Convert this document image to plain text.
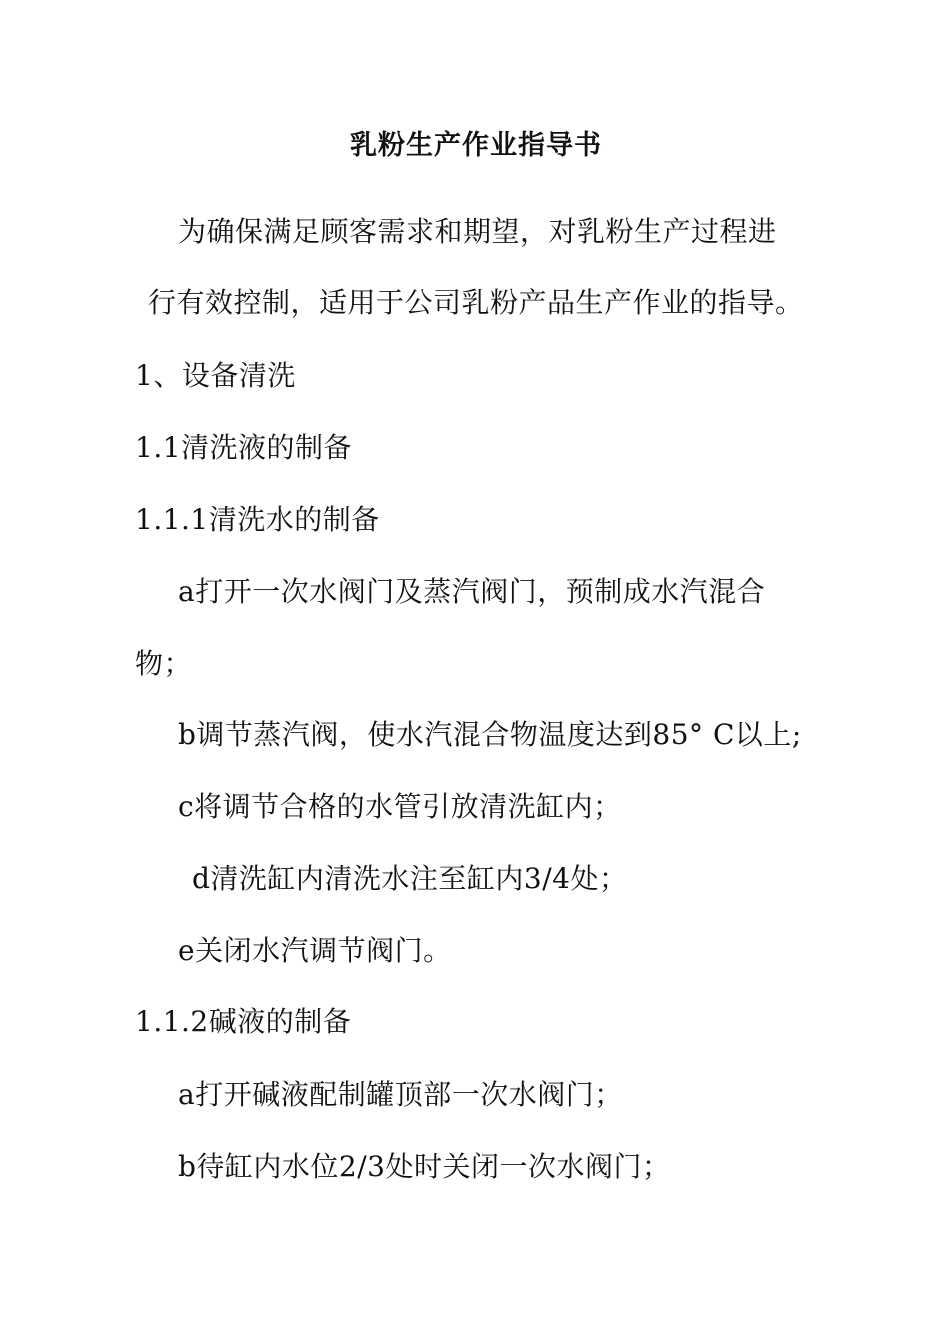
乳粉生产作业指导书
为确保满足顾客需求和期望，对乳粉生产过程进
行有效控制，适用于公司乳粉产品生产作业的指导。
1、设备清洗
1.1清洗液的制备
1.1.1清洗水的制备
a打开一次水阀门及蒸汽阀门，预制成水汽混合
物；
b调节蒸汽阀，使水汽混合物温度达到85° C以上;
c将调节合格的水管引放清洗缸内；
d清洗缸内清洗水注至缸内3/4处；
e关闭水汽调节阀门。
1.1.2碱液的制备
a打开碱液配制罐顶部一次水阀门；
b待缸内水位2/3处时关闭一次水阀门；
